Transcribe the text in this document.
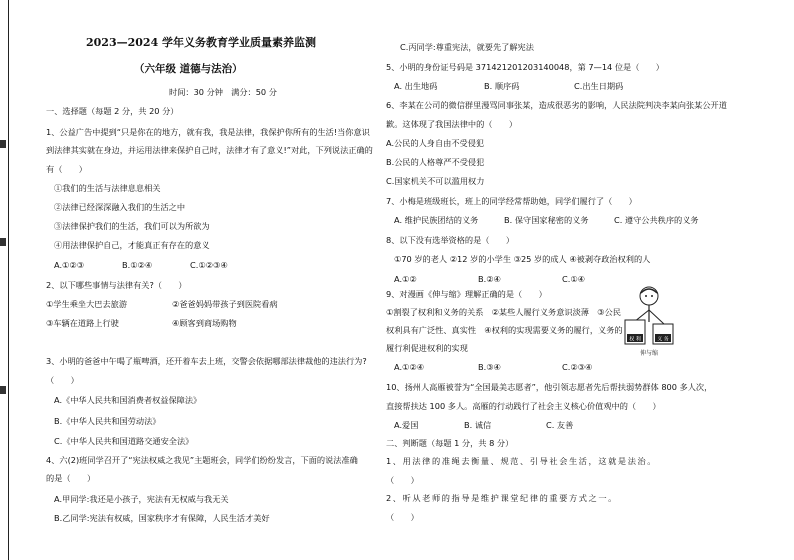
2023—2024 学年义务教育学业质量素养监测
（六年级 道德与法治）
时间：30 分钟　满分：50 分
一、选择题（每题 2 分，共 20 分）
1、公益广告中提到“只是你在的地方，就有我，我是法律，我保护你所有的生活!当你意识
到法律其实就在身边，并运用法律来保护自己时，法律才有了意义!”对此，下列说法正确的
有（　　）
①我们的生活与法律息息相关
②法律已经深深融入我们的生活之中
③法律保护我们的生活，我们可以为所欲为
④用法律保护自己，才能真正有存在的意义
A.①②③	B.①②④	C.①②③④
2、以下哪些事情与法律有关?（　　）
①学生乘坐大巴去旅游	②爸爸妈妈带孩子到医院看病
③车辆在道路上行驶	④顾客到商场购物
3、小明的爸爸中午喝了瓶啤酒，还开着车去上班，交警会依据哪部法律裁他的违法行为?
（　　）
A.《中华人民共和国消费者权益保障法》
B.《中华人民共和国劳动法》
C.《中华人民共和国道路交通安全法》
4、六(2)班同学召开了“宪法权威之我见”主题班会，同学们纷纷发言，下面的说法准确
的是（　　）
A.甲同学:我还是小孩子，宪法有无权威与我无关
B.乙同学:宪法有权威，国家秩序才有保障，人民生活才美好
C.丙同学:尊重宪法，就要先了解宪法
5、小明的身份证号码是 371421201203140048，第 7—14 位是（　　）
A. 出生地码	B. 顺序码	C.出生日期码
6、李某在公司的微信群里漫骂同事张某，造成很恶劣的影响，人民法院判决李某向张某公开道
歉。这体现了我国法律中的（　　）
A.公民的人身自由不受侵犯
B.公民的人格尊严不受侵犯
C.国家机关不可以滥用权力
7、小梅是班级班长，班上的同学经常帮助她，同学们履行了（　　）
A. 维护民族团结的义务	B. 保守国家秘密的义务	C. 遵守公共秩序的义务
8、以下没有选举资格的是（　　）
①70 岁的老人 ②12 岁的小学生 ③25 岁的成人 ④被剥夺政治权利的人
A.①②	B.②④	C.①④
9、对漫画《伸与缩》理解正确的是（　　）
①割裂了权利和义务的关系　②某些人履行义务意识淡薄　③公民
权利具有广泛性、真实性　④权利的实现需要义务的履行，义务的
履行利促进权利的实现
A.①②④	B.③④	C.②③④
权 利	义 务
伸与缩
10、扬州人高雁被誉为“全国最美志愿者”，他引领志愿者先后帮扶弱势群体 800 多人次，
直接帮扶达 100 多人。高雁的行动践行了社会主义核心价值观中的（　　）
A.爱国	B. 诚信	C. 友善
二、判断题（每题 1 分，共 8 分）
1、用法律的准绳去衡量、规范、引导社会生活，这就是法治。
（　　）
2、听从老师的指导是维护课堂纪律的重要方式之一。
（　　）
